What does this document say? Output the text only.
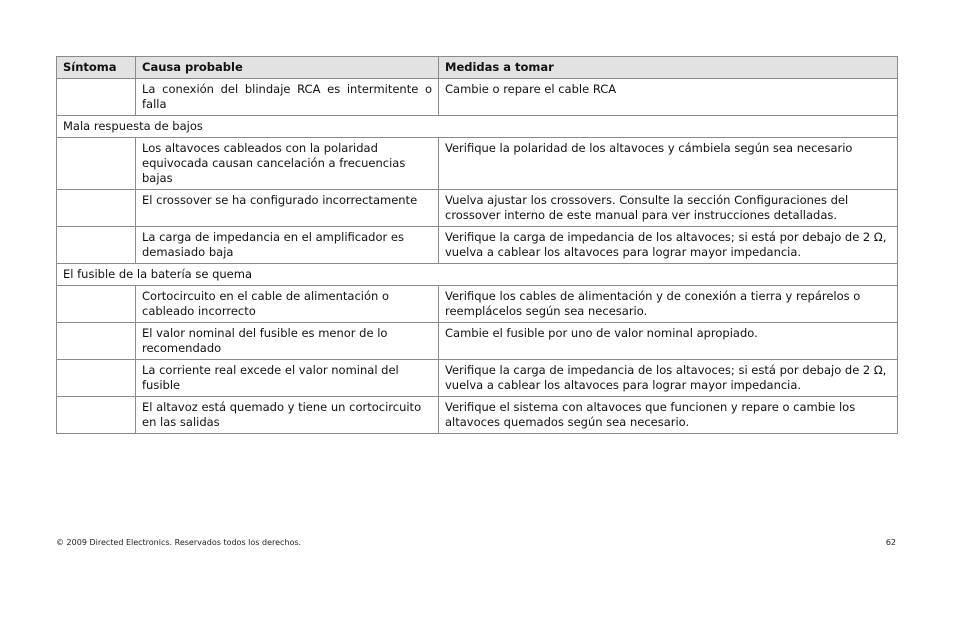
Síntoma	Causa probable	Medidas a tomar
	La conexión del blindaje RCA es intermitente o falla	Cambie o repare el cable RCA
Mala respuesta de bajos		
	Los altavoces cableados con la polaridad equivocada causan cancelación a frecuencias bajas	Verifique la polaridad de los altavoces y cámbiela según sea necesario
	El crossover se ha configurado incorrectamente	Vuelva ajustar los crossovers. Consulte la sección Configuraciones del crossover interno de este manual para ver instrucciones detalladas.
	La carga de impedancia en el amplificador es demasiado baja	Verifique la carga de impedancia de los altavoces; si está por debajo de 2 Ω, vuelva a cablear los altavoces para lograr mayor impedancia.
El fusible de la batería se quema		
	Cortocircuito en el cable de alimentación o cableado incorrecto	Verifique los cables de alimentación y de conexión a tierra y repárelos o reemplácelos según sea necesario.
	El valor nominal del fusible es menor de lo recomendado	Cambie el fusible por uno de valor nominal apropiado.
	La corriente real excede el valor nominal del fusible	Verifique la carga de impedancia de los altavoces; si está por debajo de 2 Ω, vuelva a cablear los altavoces para lograr mayor impedancia.
	El altavoz está quemado y tiene un cortocircuito en las salidas	Verifique el sistema con altavoces que funcionen y repare o cambie los altavoces quemados según sea necesario.
© 2009 Directed Electronics. Reservados todos los derechos.	62
